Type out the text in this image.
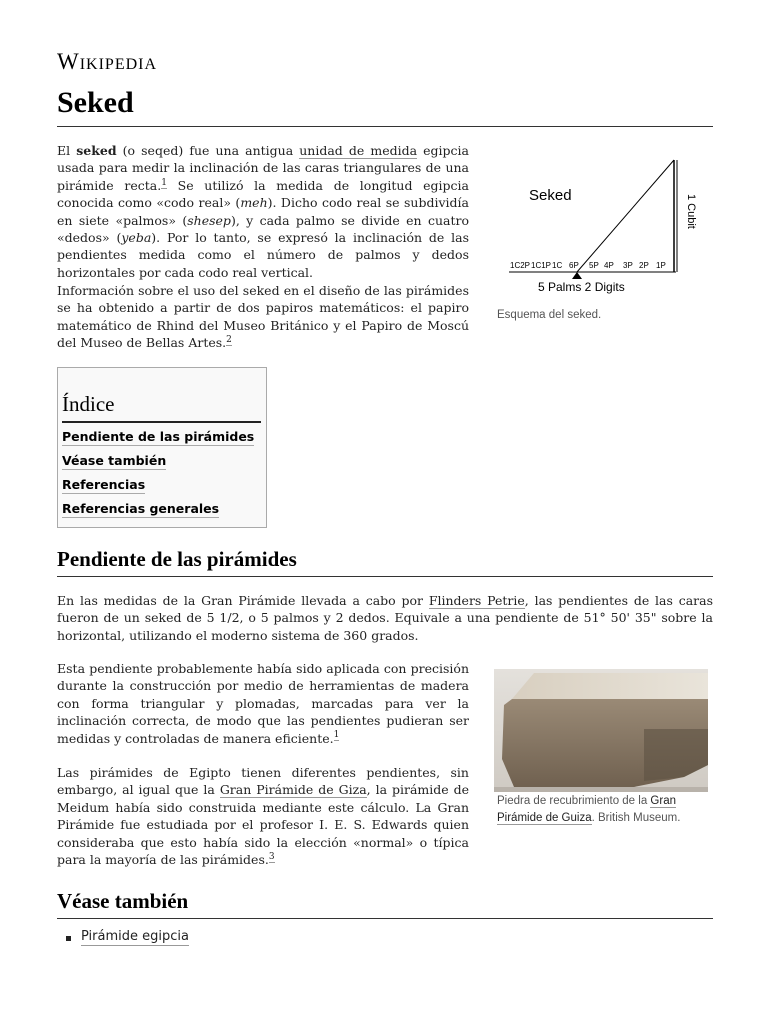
Wikipedia
Seked

El seked (o seqed) fue una antigua unidad de medida egipcia usada para medir la inclinación de las caras triangulares de una pirámide recta.$^1$ Se utilizó la medida de longitud egipcia conocida como «codo real» (meh). Dicho codo real se subdividía en siete «palmos» (shesep), y cada palmo se divide en cuatro «dedos» (yeba). Por lo tanto, se expresó la inclinación de las pendientes medida como el número de palmos y dedos horizontales por cada codo real vertical.

Información sobre el uso del seked en el diseño de las pirámides se ha obtenido a partir de dos papiros matemáticos: el papiro matemático de Rhind del Museo Británico y el Papiro de Moscú del Museo de Bellas Artes.$^2$

Seked	1 Cubit
5 Palms 2 Digits
1C2P 1C1P 1C 6P 5P 4P 3P 2P 1P
Esquema del seked.
Índice
Pendiente de las pirámides
Véase también
Referencias
Referencias generales
Pendiente de las pirámides

En las medidas de la Gran Pirámide llevada a cabo por Flinders Petrie, las pendientes de las caras fueron de un seked de 5 1/2, o 5 palmos y 2 dedos. Equivale a una pendiente de 51° 50' 35" sobre la horizontal, utilizando el moderno sistema de 360 grados.

Esta pendiente probablemente había sido aplicada con precisión durante la construcción por medio de herramientas de madera con forma triangular y plomadas, marcadas para ver la inclinación correcta, de modo que las pendientes pudieran ser medidas y controladas de manera eficiente.$^1$

Las pirámides de Egipto tienen diferentes pendientes, sin embargo, al igual que la Gran Pirámide de Giza, la pirámide de Meidum había sido construida mediante este cálculo. La Gran Pirámide fue estudiada por el profesor I. E. S. Edwards quien consideraba que esto había sido la elección «normal» o típica para la mayoría de las pirámides.$^3$

Piedra de recubrimiento de la Gran Pirámide de Guiza. British Museum.
Véase también
Pirámide egipcia
